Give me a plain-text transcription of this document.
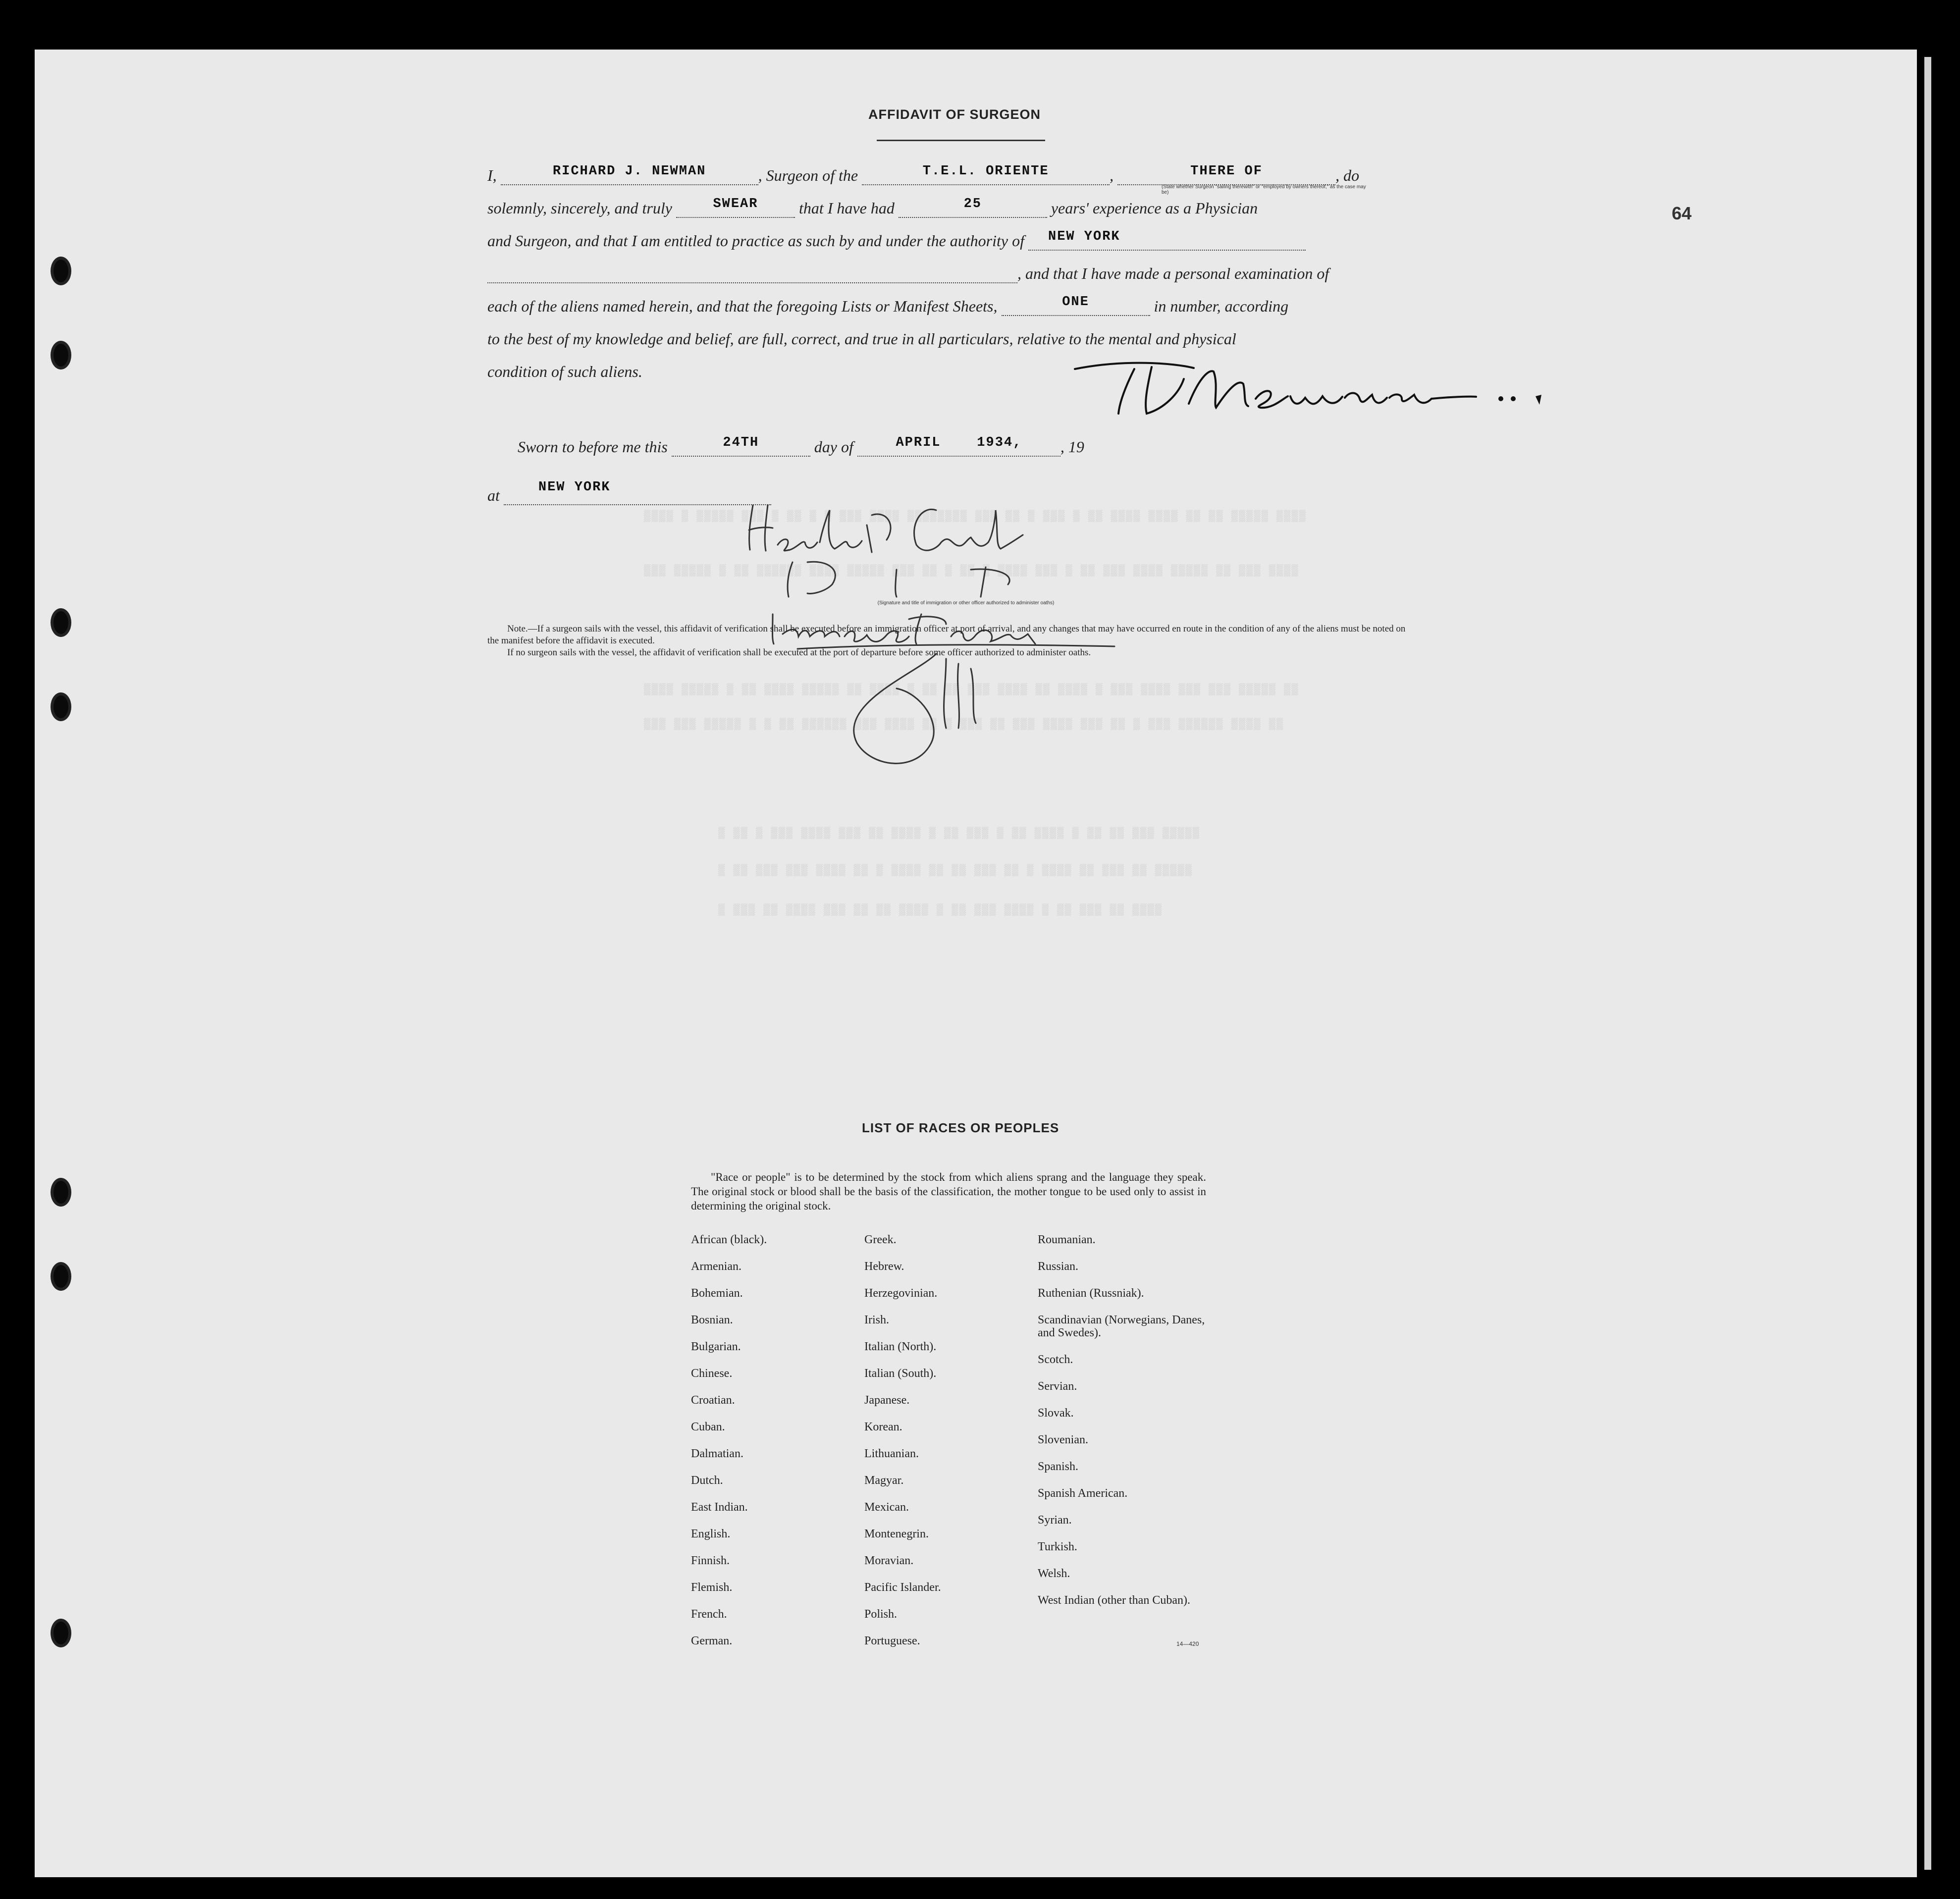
▒▒▒▒ ▒ ▒▒▒▒▒ ▒▒▒ ▒ ▒▒ ▒ ▒ ▒▒▒ ▒▒▒▒ ▒▒▒▒▒▒▒▒ ▒▒▒ ▒▒ ▒ ▒▒▒ ▒ ▒▒ ▒▒▒▒ ▒▒▒▒ ▒▒ ▒▒ ▒▒▒▒▒ ▒▒▒▒
▒▒▒ ▒▒▒▒▒ ▒ ▒▒ ▒▒▒▒▒▒ ▒▒▒▒ ▒▒▒▒▒ ▒▒▒ ▒▒ ▒ ▒▒ ▒ ▒▒▒▒ ▒▒▒ ▒ ▒▒ ▒▒▒ ▒▒▒▒ ▒▒▒▒▒ ▒▒ ▒▒▒ ▒▒▒▒
▒▒▒▒ ▒▒▒▒▒ ▒ ▒▒ ▒▒▒▒ ▒▒▒▒▒ ▒▒ ▒▒▒▒ ▒ ▒▒ ▒▒ ▒▒▒ ▒▒▒▒ ▒▒ ▒▒▒▒ ▒ ▒▒▒ ▒▒▒▒ ▒▒▒ ▒▒▒ ▒▒▒▒▒ ▒▒
▒▒▒ ▒▒▒ ▒▒▒▒▒ ▒ ▒ ▒▒ ▒▒▒▒▒▒ ▒▒▒ ▒▒▒▒ ▒▒ ▒ ▒▒▒ ▒▒ ▒▒▒ ▒▒▒▒ ▒▒▒ ▒▒ ▒ ▒▒▒ ▒▒▒▒▒▒ ▒▒▒▒ ▒▒
▒ ▒▒ ▒ ▒▒▒ ▒▒▒▒ ▒▒▒ ▒▒ ▒▒▒▒ ▒ ▒▒ ▒▒▒ ▒ ▒▒ ▒▒▒▒ ▒ ▒▒ ▒▒ ▒▒▒ ▒▒▒▒▒
▒ ▒▒ ▒▒▒ ▒▒▒ ▒▒▒▒ ▒▒ ▒ ▒▒▒▒ ▒▒ ▒▒ ▒▒▒ ▒▒ ▒ ▒▒▒▒ ▒▒ ▒▒▒ ▒▒ ▒▒▒▒▒
▒ ▒▒▒ ▒▒ ▒▒▒▒ ▒▒▒ ▒▒ ▒▒ ▒▒▒▒ ▒ ▒▒ ▒▒▒ ▒▒▒▒ ▒ ▒▒ ▒▒▒ ▒▒ ▒▒▒▒
AFFIDAVIT OF SURGEON
64
I,	RICHARD J. NEWMAN	, Surgeon of the	T.E.L. ORIENTE	,	THERE OF	, do
(State whether Surgeon "sailing therewith" or "employed by owners thereof," as the case may be)
solemnly, sincerely, and truly	SWEAR	that I have had	25	years' experience as a Physician
and Surgeon, and that I am entitled to practice as such by and under the authority of NEW YORK
, and that I have made a personal examination of
each of the aliens named herein, and that the foregoing Lists or Manifest Sheets,	ONE	in number, according
to the best of my knowledge and belief, are full, correct, and true in all particulars, relative to the mental and physical
condition of such aliens.
Sworn to before me this	24TH	day of	APRIL	1934,	, 19
at	NEW YORK
(Signature and title of immigration or other officer authorized to administer oaths)
Note.—If a surgeon sails with the vessel, this affidavit of verification shall be executed before an immigration officer at port of arrival, and any changes that may have occurred en route in the condition of any of the aliens must be noted on the manifest before the affidavit is executed.
If no surgeon sails with the vessel, the affidavit of verification shall be executed at the port of departure before some officer authorized to administer oaths.
LIST OF RACES OR PEOPLES
"Race or people" is to be determined by the stock from which aliens sprang and the language they speak. The original stock or blood shall be the basis of the classification, the mother tongue to be used only to assist in determining the original stock.
African (black).
Armenian.
Bohemian.
Bosnian.
Bulgarian.
Chinese.
Croatian.
Cuban.
Dalmatian.
Dutch.
East Indian.
English.
Finnish.
Flemish.
French.
German.
Greek.
Hebrew.
Herzegovinian.
Irish.
Italian (North).
Italian (South).
Japanese.
Korean.
Lithuanian.
Magyar.
Mexican.
Montenegrin.
Moravian.
Pacific Islander.
Polish.
Portuguese.
Roumanian.
Russian.
Ruthenian (Russniak).
Scandinavian (Norwegians, Danes, and Swedes).
Scotch.
Servian.
Slovak.
Slovenian.
Spanish.
Spanish American.
Syrian.
Turkish.
Welsh.
West Indian (other than Cuban).
14—420
